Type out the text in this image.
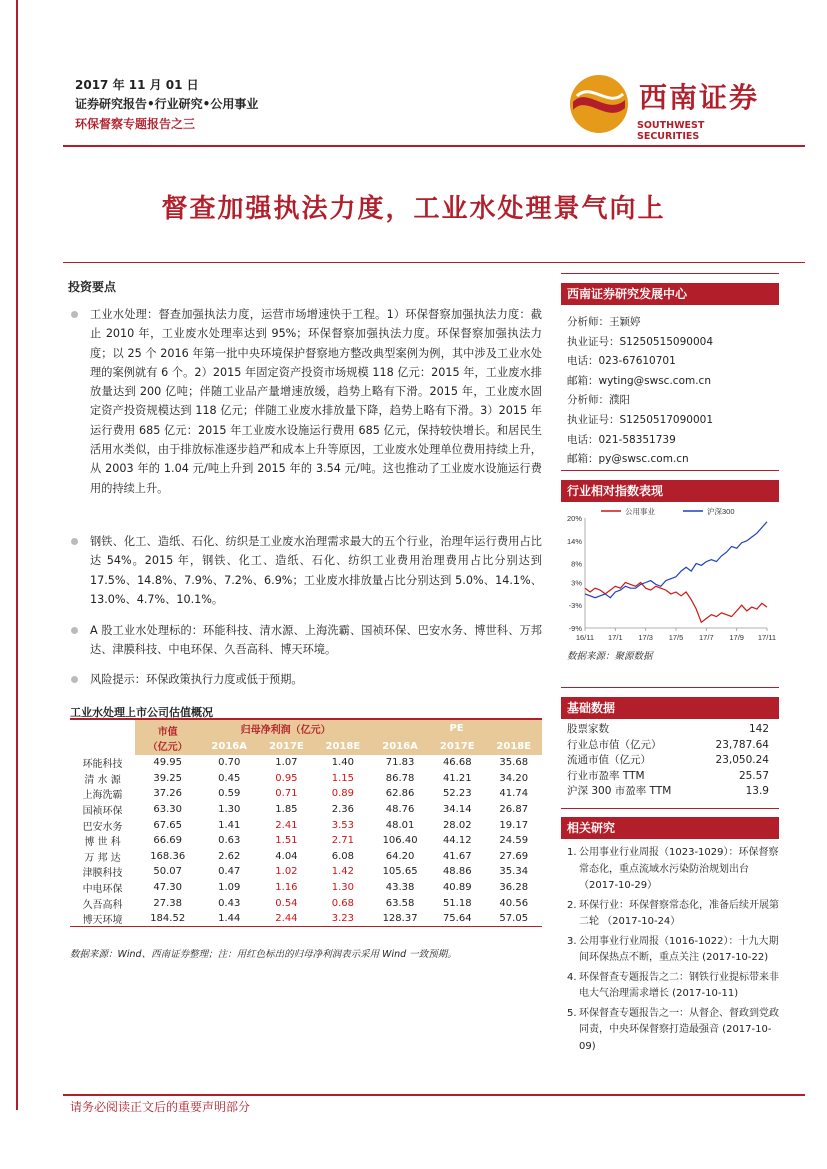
2017 年 11 月 01 日
证券研究报告•行业研究•公用事业
环保督察专题报告之三
西南证券
SOUTHWEST SECURITIES
督查加强执法力度，工业水处理景气向上
投资要点

工业水处理：督查加强执法力度，运营市场增速快于工程。1）环保督察加强执法力度：截止 2010 年，工业废水处理率达到 95%；环保督察加强执法力度。环保督察加强执法力度；以 25 个 2016 年第一批中央环境保护督察地方整改典型案例为例，其中涉及工业水处理的案例就有 6 个。2）2015 年固定资产投资市场规模 118 亿元：2015 年，工业废水排放量达到 200 亿吨；伴随工业品产量增速放缓，趋势上略有下滑。2015 年，工业废水固定资产投资规模达到 118 亿元；伴随工业废水排放量下降，趋势上略有下滑。3）2015 年运行费用 685 亿元：2015 年工业废水设施运行费用 685 亿元，保持较快增长。和居民生活用水类似，由于排放标准逐步趋严和成本上升等原因，工业废水处理单位费用持续上升，从 2003 年的 1.04 元/吨上升到 2015 年的 3.54 元/吨。这也推动了工业废水设施运行费用的持续上升。

钢铁、化工、造纸、石化、纺织是工业废水治理需求最大的五个行业，治理年运行费用占比达 54%。2015 年，钢铁、化工、造纸、石化、纺织工业费用治理费用占比分别达到 17.5%、14.8%、7.9%、7.2%、6.9%；工业废水排放量占比分别达到 5.0%、14.1%、13.0%、4.7%、10.1%。

A 股工业水处理标的：环能科技、清水源、上海洗霸、国祯环保、巴安水务、博世科、万邦达、津膜科技、中电环保、久吾高科、博天环境。

风险提示：环保政策执行力度或低于预期。

工业水处理上市公司估值概况
	市值
（亿元）	归母净利润（亿元）			PE		
		2016A	2017E	2018E	2016A	2017E	2018E
环能科技	49.95	0.70	1.07	1.40	71.83	46.68	35.68
清 水 源	39.25	0.45	0.95	1.15	86.78	41.21	34.20
上海洗霸	37.26	0.59	0.71	0.89	62.86	52.23	41.74
国祯环保	63.30	1.30	1.85	2.36	48.76	34.14	26.87
巴安水务	67.65	1.41	2.41	3.53	48.01	28.02	19.17
博 世 科	66.69	0.63	1.51	2.71	106.40	44.12	24.59
万 邦 达	168.36	2.62	4.04	6.08	64.20	41.67	27.69
津膜科技	50.07	0.47	1.02	1.42	105.65	48.86	35.34
中电环保	47.30	1.09	1.16	1.30	43.38	40.89	36.28
久吾高科	27.38	0.43	0.54	0.68	63.58	51.18	40.56
博天环境	184.52	1.44	2.44	3.23	128.37	75.64	57.05
数据来源：Wind、西南证券整理；注：用红色标出的归母净利润表示采用 Wind 一致预期。
西南证券研究发展中心
分析师：王颖婷
执业证号：S1250515090004
电话：023-67610701
邮箱：wyting@swsc.com.cn
分析师：濮阳
执业证号：S1250517090001
电话：021-58351739
邮箱：py@swsc.com.cn
行业相对指数表现
20%
14%
8%
3%
-3%
-9%
16/11 17/1 17/3 17/5 17/7 17/9 17/11
公用事业	沪深300
数据来源：聚源数据
基础数据
股票家数	142
行业总市值（亿元）	23,787.64
流通市值（亿元）	23,050.24
行业市盈率 TTM	25.57
沪深 300 市盈率 TTM	13.9
相关研究
1. 公用事业行业周报（1023-1029）：环保督察常态化，重点流域水污染防治规划出台 （2017-10-29）
2. 环保行业：环保督察常态化，准备后续开展第二轮 （2017-10-24）
3. 公用事业行业周报（1016-1022）：十九大期间环保热点不断，重点关注 (2017-10-22)
4. 环保督查专题报告之二：钢铁行业提标带来非电大气治理需求增长 (2017-10-11)
5. 环保督查专题报告之一：从督企、督政到党政同责，中央环保督察打造最强音 (2017-10-09)
请务必阅读正文后的重要声明部分
